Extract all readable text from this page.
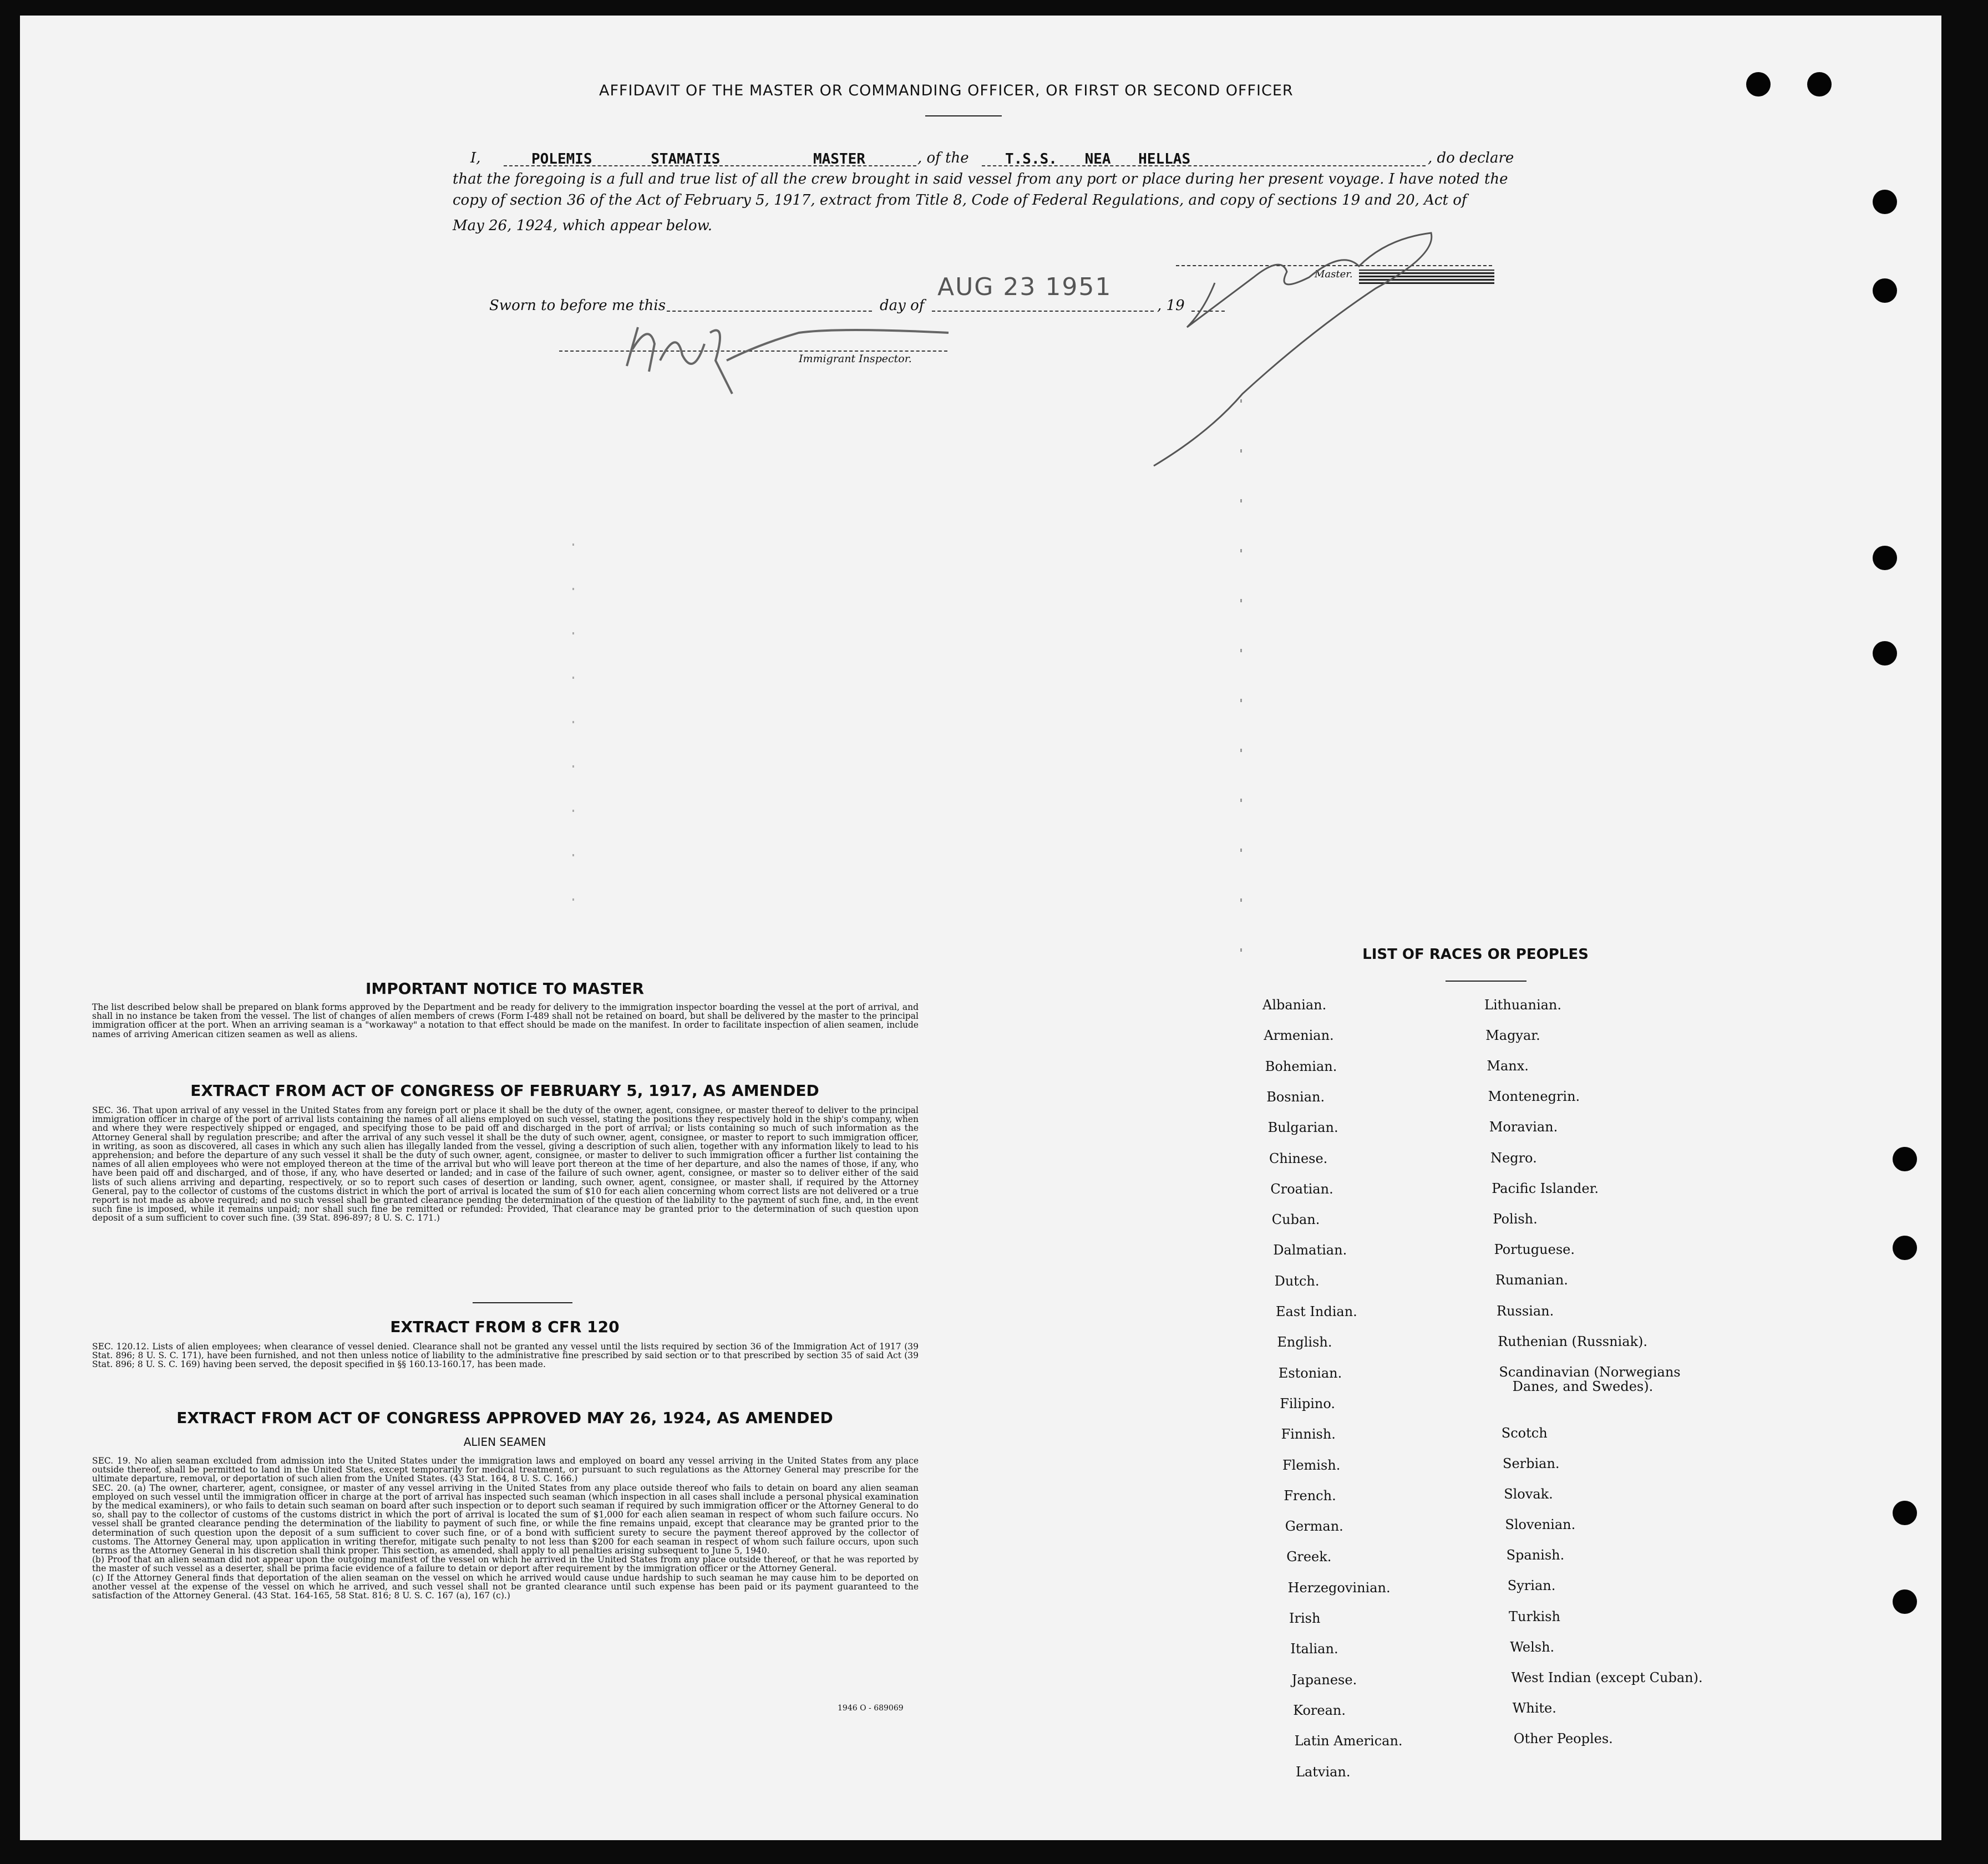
AFFIDAVIT OF THE MASTER OR COMMANDING OFFICER, OR FIRST OR SECOND OFFICER
I,	POLEMIS STAMATIS	MASTER	, of the	T.S.S. NEA HELLAS	, do declare
that the foregoing is a full and true list of all the crew brought in said vessel from any port or place during her present voyage. I have noted the
copy of section 36 of the Act of February 5, 1917, extract from Title 8, Code of Federal Regulations, and copy of sections 19 and 20, Act of
May 26, 1924, which appear below.
Sworn to before me this	day of
AUG 23 1951
, 19
Master.
Immigrant Inspector.
IMPORTANT NOTICE TO MASTER
The list described below shall be prepared on blank forms approved by the Department and be ready for delivery to the immigration inspector boarding the vessel at the port of arrival, and shall in no instance be taken from the vessel. The list of changes of alien members of crews (Form I-489 shall not be retained on board, but shall be delivered by the master to the principal immigration officer at the port. When an arriving seaman is a "workaway" a notation to that effect should be made on the manifest. In order to facilitate inspection of alien seamen, include names of arriving American citizen seamen as well as aliens.
EXTRACT FROM ACT OF CONGRESS OF FEBRUARY 5, 1917, AS AMENDED
SEC. 36. That upon arrival of any vessel in the United States from any foreign port or place it shall be the duty of the owner, agent, consignee, or master thereof to deliver to the principal immigration officer in charge of the port of arrival lists containing the names of all aliens employed on such vessel, stating the positions they respectively hold in the ship's company, when and where they were respectively shipped or engaged, and specifying those to be paid off and discharged in the port of arrival; or lists containing so much of such information as the Attorney General shall by regulation prescribe; and after the arrival of any such vessel it shall be the duty of such owner, agent, consignee, or master to report to such immigration officer, in writing, as soon as discovered, all cases in which any such alien has illegally landed from the vessel, giving a description of such alien, together with any information likely to lead to his apprehension; and before the departure of any such vessel it shall be the duty of such owner, agent, consignee, or master to deliver to such immigration officer a further list containing the names of all alien employees who were not employed thereon at the time of the arrival but who will leave port thereon at the time of her departure, and also the names of those, if any, who have been paid off and discharged, and of those, if any, who have deserted or landed; and in case of the failure of such owner, agent, consignee, or master so to deliver either of the said lists of such aliens arriving and departing, respectively, or so to report such cases of desertion or landing, such owner, agent, consignee, or master shall, if required by the Attorney General, pay to the collector of customs of the customs district in which the port of arrival is located the sum of $10 for each alien concerning whom correct lists are not delivered or a true report is not made as above required; and no such vessel shall be granted clearance pending the determination of the question of the liability to the payment of such fine, and, in the event such fine is imposed, while it remains unpaid; nor shall such fine be remitted or refunded: Provided, That clearance may be granted prior to the determination of such question upon deposit of a sum sufficient to cover such fine. (39 Stat. 896-897; 8 U. S. C. 171.)
EXTRACT FROM 8 CFR 120
SEC. 120.12. Lists of alien employees; when clearance of vessel denied. Clearance shall not be granted any vessel until the lists required by section 36 of the Immigration Act of 1917 (39 Stat. 896; 8 U. S. C. 171), have been furnished, and not then unless notice of liability to the administrative fine prescribed by said section or to that prescribed by section 35 of said Act (39 Stat. 896; 8 U. S. C. 169) having been served, the deposit specified in §§ 160.13-160.17, has been made.
EXTRACT FROM ACT OF CONGRESS APPROVED MAY 26, 1924, AS AMENDED
ALIEN SEAMEN
SEC. 19. No alien seaman excluded from admission into the United States under the immigration laws and employed on board any vessel arriving in the United States from any place outside thereof, shall be permitted to land in the United States, except temporarily for medical treatment, or pursuant to such regulations as the Attorney General may prescribe for the ultimate departure, removal, or deportation of such alien from the United States. (43 Stat. 164, 8 U. S. C. 166.)
SEC. 20. (a) The owner, charterer, agent, consignee, or master of any vessel arriving in the United States from any place outside thereof who fails to detain on board any alien seaman employed on such vessel until the immigration officer in charge at the port of arrival has inspected such seaman (which inspection in all cases shall include a personal physical examination by the medical examiners), or who fails to detain such seaman on board after such inspection or to deport such seaman if required by such immigration officer or the Attorney General to do so, shall pay to the collector of customs of the customs district in which the port of arrival is located the sum of $1,000 for each alien seaman in respect of whom such failure occurs. No vessel shall be granted clearance pending the determination of the liability to payment of such fine, or while the fine remains unpaid, except that clearance may be granted prior to the determination of such question upon the deposit of a sum sufficient to cover such fine, or of a bond with sufficient surety to secure the payment thereof approved by the collector of customs. The Attorney General may, upon application in writing therefor, mitigate such penalty to not less than $200 for each seaman in respect of whom such failure occurs, upon such terms as the Attorney General in his discretion shall think proper. This section, as amended, shall apply to all penalties arising subsequent to June 5, 1940.
(b) Proof that an alien seaman did not appear upon the outgoing manifest of the vessel on which he arrived in the United States from any place outside thereof, or that he was reported by the master of such vessel as a deserter, shall be prima facie evidence of a failure to detain or deport after requirement by the immigration officer or the Attorney General.
(c) If the Attorney General finds that deportation of the alien seaman on the vessel on which he arrived would cause undue hardship to such seaman he may cause him to be deported on another vessel at the expense of the vessel on which he arrived, and such vessel shall not be granted clearance until such expense has been paid or its payment guaranteed to the satisfaction of the Attorney General. (43 Stat. 164-165, 58 Stat. 816; 8 U. S. C. 167 (a), 167 (c).)
1946 O - 689069
LIST OF RACES OR PEOPLES
Albanian.
Armenian.
Bohemian.
Bosnian.
Bulgarian.
Chinese.
Croatian.
Cuban.
Dalmatian.
Dutch.
East Indian.
English.
Estonian.
Filipino.
Finnish.
Flemish.
French.
German.
Greek.
Herzegovinian.
Irish
Italian.
Japanese.
Korean.
Latin American.
Latvian.
Lithuanian.
Magyar.
Manx.
Montenegrin.
Moravian.
Negro.
Pacific Islander.
Polish.
Portuguese.
Rumanian.
Russian.
Ruthenian (Russniak).
Scandinavian (Norwegians
Danes, and Swedes).
Scotch
Serbian.
Slovak.
Slovenian.
Spanish.
Syrian.
Turkish
Welsh.
West Indian (except Cuban).
White.
Other Peoples.
